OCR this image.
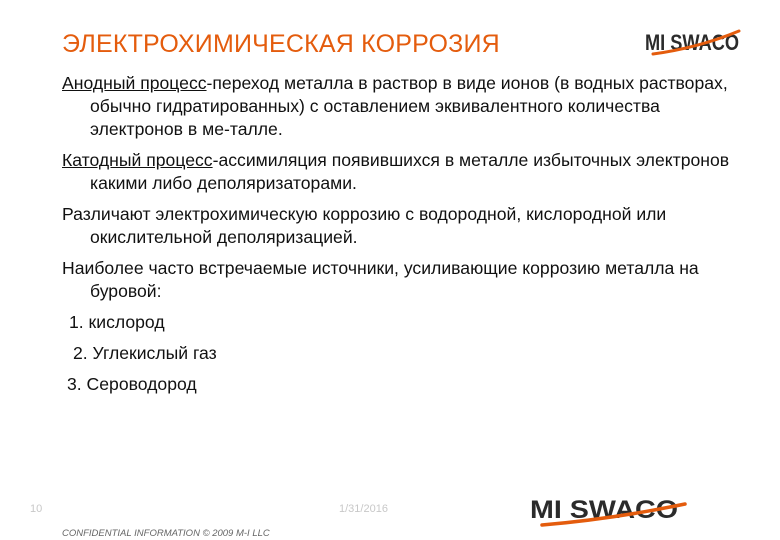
ЭЛЕКТРОХИМИЧЕСКАЯ КОРРОЗИЯ	MI SWACO

Анодный процесс-переход металла в раствор в виде ионов (в водных растворах, обычно гидратированных) с оставлением эквивалентного количества электронов в ме-талле.

Катодный процесс-ассимиляция появившихся в металле избыточных электронов какими либо деполяризаторами.

Различают электрохимическую коррозию с водородной, кислородной или окислительной деполяризацией.

Наиболее часто встречаемые источники, усиливающие коррозию металла на буровой:

1. кислород

2. Углекислый газ

3. Сероводород

10	1/31/2016
CONFIDENTIAL INFORMATION © 2009 M-I LLC
MI SWACO
